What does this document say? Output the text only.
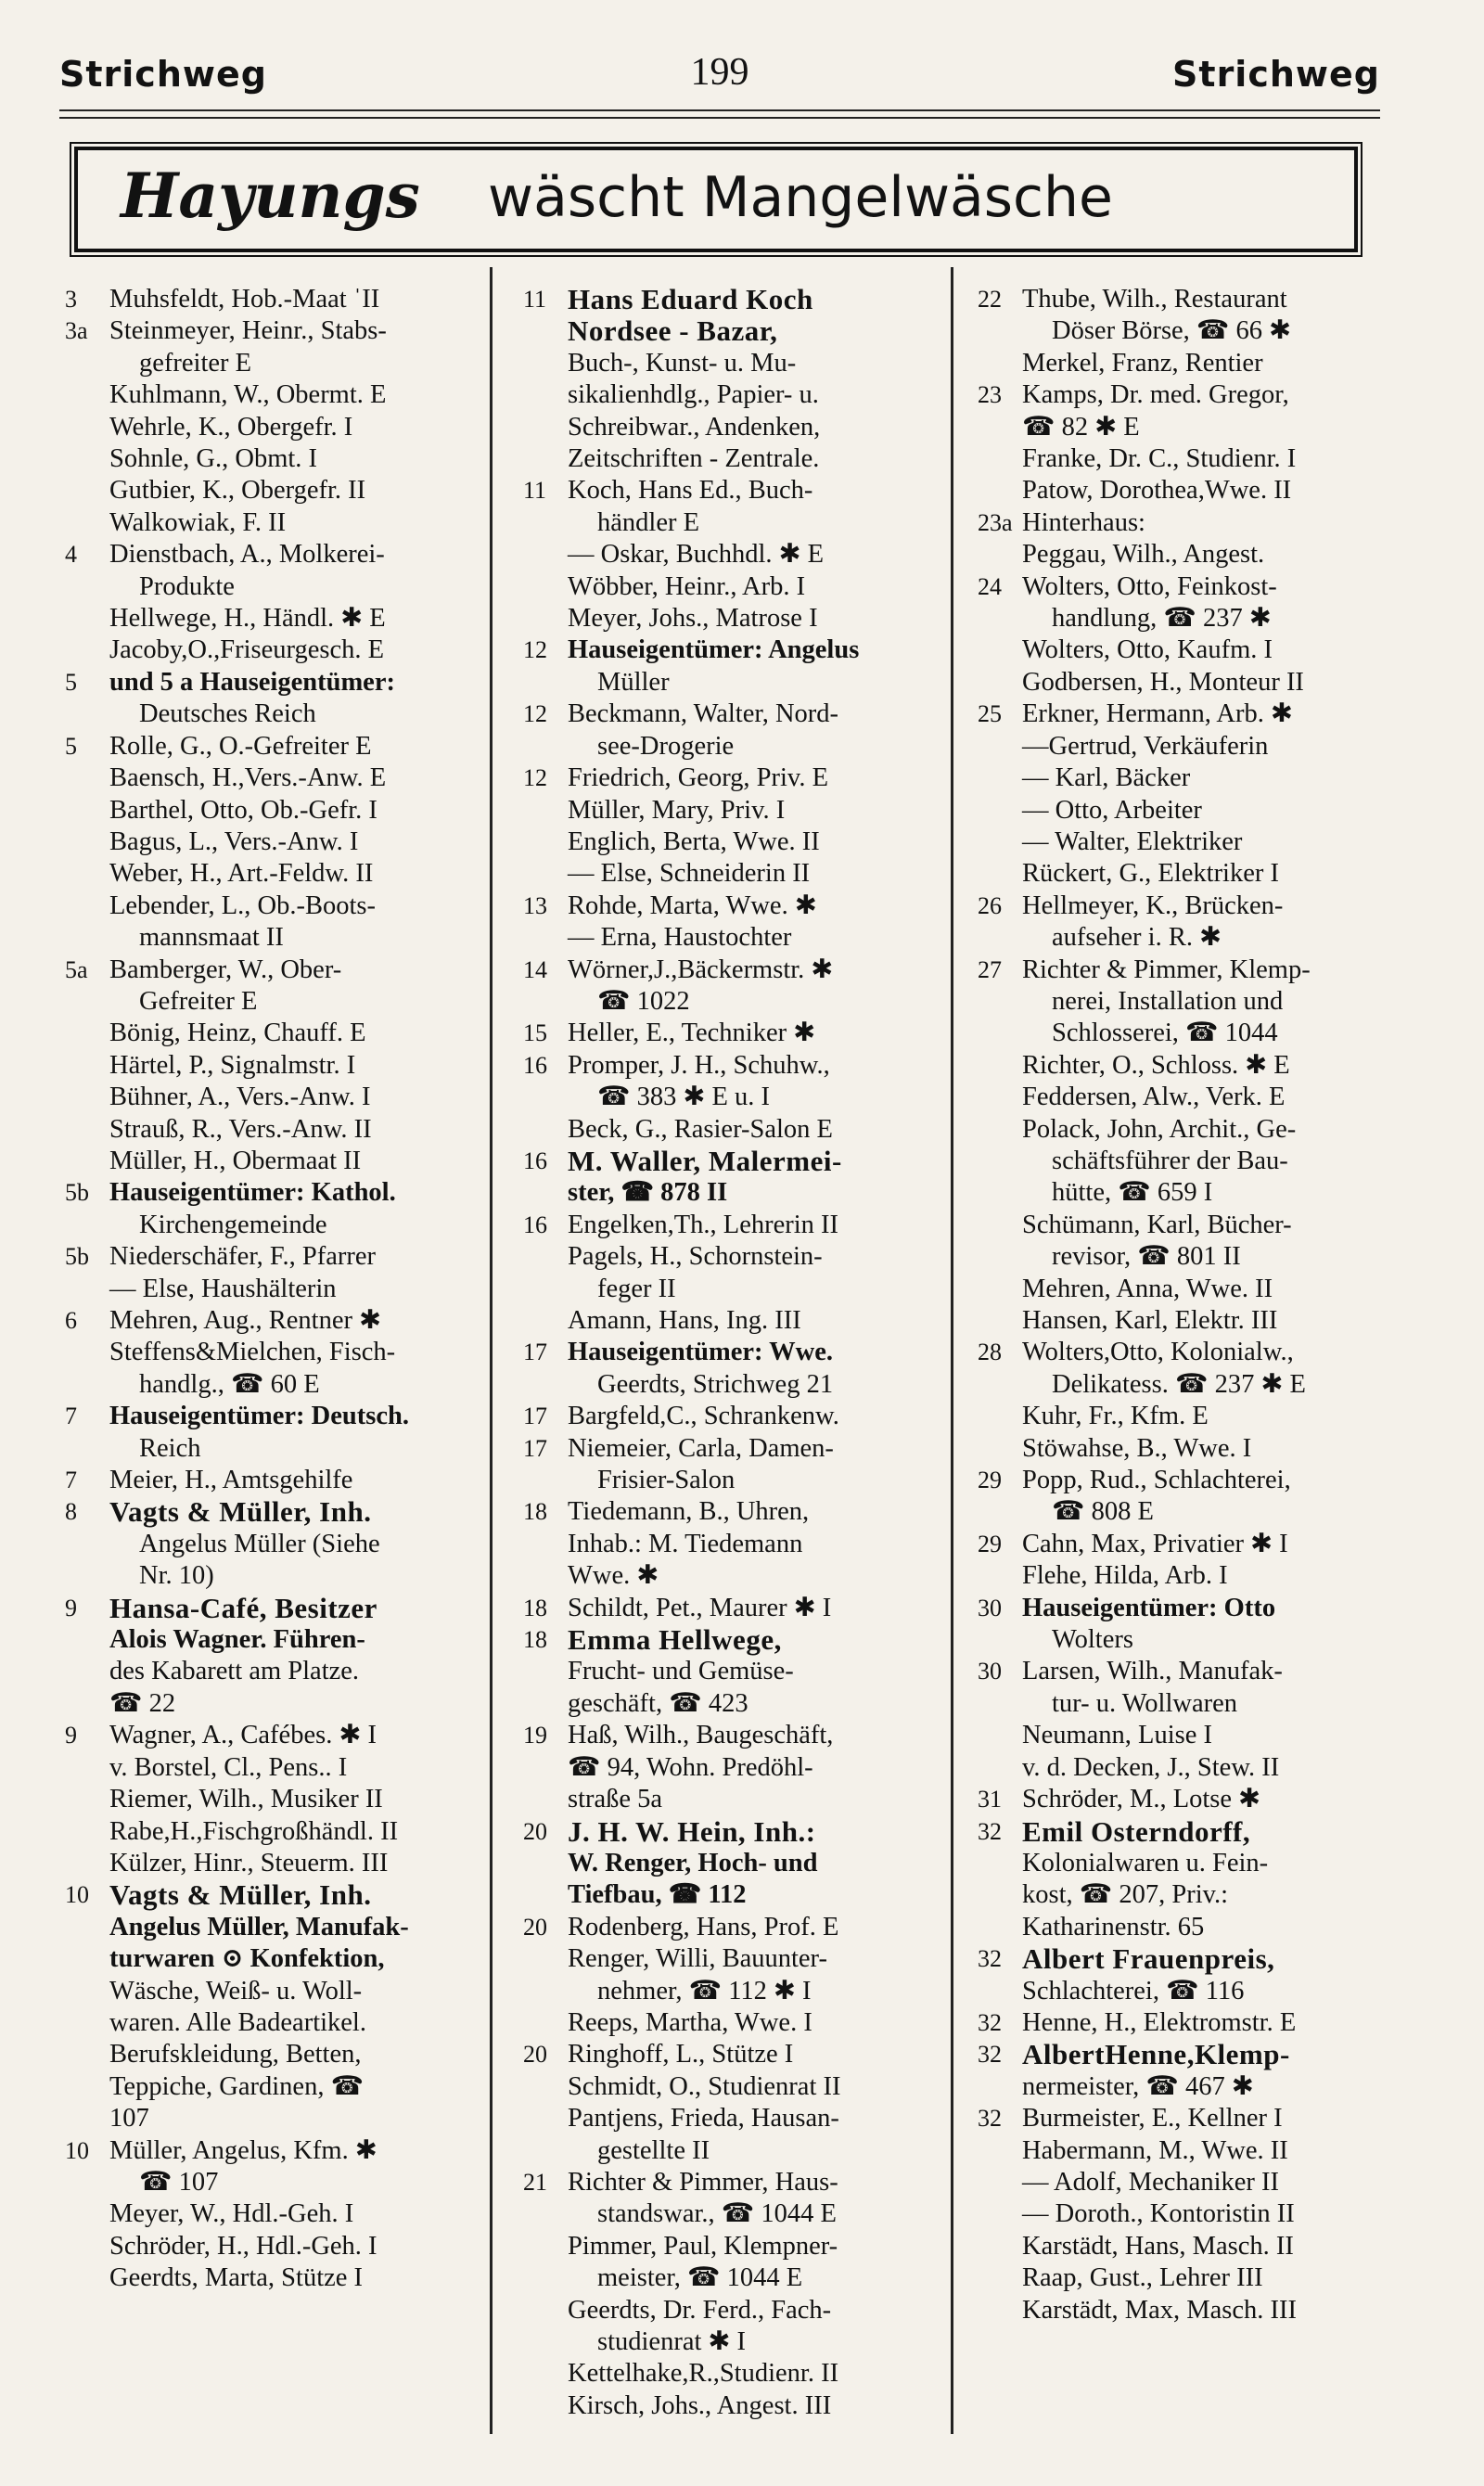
Strichweg	199	Strichweg
Hayungs wäscht Mangelwäsche
3 Muhsfeldt, Hob.-Maat ˈII
3a Steinmeyer, Heinr., Stabs-
gefreiter E
Kuhlmann, W., Obermt. E
Wehrle, K., Obergefr. I
Sohnle, G., Obmt. I
Gutbier, K., Obergefr. II
Walkowiak, F. II
4 Dienstbach, A., Molkerei-
Produkte
Hellwege, H., Händl. ✱ E
Jacoby,O.,Friseurgesch. E
5 und 5 a Hauseigentümer:
Deutsches Reich
5 Rolle, G., O.-Gefreiter E
Baensch, H.,Vers.-Anw. E
Barthel, Otto, Ob.-Gefr. I
Bagus, L., Vers.-Anw. I
Weber, H., Art.-Feldw. II
Lebender, L., Ob.-Boots-
mannsmaat II
5a Bamberger, W., Ober-
Gefreiter E
Bönig, Heinz, Chauff. E
Härtel, P., Signalmstr. I
Bühner, A., Vers.-Anw. I
Strauß, R., Vers.-Anw. II
Müller, H., Obermaat II
5b Hauseigentümer: Kathol.
Kirchengemeinde
5b Niederschäfer, F., Pfarrer
— Else, Haushälterin
6 Mehren, Aug., Rentner ✱
Steffens&Mielchen, Fisch-
handlg., ☎ 60 E
7 Hauseigentümer: Deutsch.
Reich
7 Meier, H., Amtsgehilfe
8 Vagts & Müller, Inh.
Angelus Müller (Siehe
Nr. 10)
9 Hansa-Café, Besitzer
Alois Wagner. Führen-
des Kabarett am Platze.
☎ 22
9 Wagner, A., Cafébes. ✱ I
v. Borstel, Cl., Pens.. I
Riemer, Wilh., Musiker II
Rabe,H.,Fischgroßhändl. II
Külzer, Hinr., Steuerm. III
10 Vagts & Müller, Inh.
Angelus Müller, Manufak-
turwaren ⊙ Konfektion,
Wäsche, Weiß- u. Woll-
waren. Alle Badeartikel.
Berufskleidung, Betten,
Teppiche, Gardinen, ☎
107
10 Müller, Angelus, Kfm. ✱
☎ 107
Meyer, W., Hdl.-Geh. I
Schröder, H., Hdl.-Geh. I
Geerdts, Marta, Stütze I
11 Hans Eduard Koch
Nordsee - Bazar,
Buch-, Kunst- u. Mu-
sikalienhdlg., Papier- u.
Schreibwar., Andenken,
Zeitschriften - Zentrale.
11 Koch, Hans Ed., Buch-
händler E
— Oskar, Buchhdl. ✱ E
Wöbber, Heinr., Arb. I
Meyer, Johs., Matrose I
12 Hauseigentümer: Angelus
Müller
12 Beckmann, Walter, Nord-
see-Drogerie
12 Friedrich, Georg, Priv. E
Müller, Mary, Priv. I
Englich, Berta, Wwe. II
— Else, Schneiderin II
13 Rohde, Marta, Wwe. ✱
— Erna, Haustochter
14 Wörner,J.,Bäckermstr. ✱
☎ 1022
15 Heller, E., Techniker ✱
16 Promper, J. H., Schuhw.,
☎ 383 ✱ E u. I
Beck, G., Rasier-Salon E
16 M. Waller, Malermei-
ster, ☎ 878 II
16 Engelken,Th., Lehrerin II
Pagels, H., Schornstein-
feger II
Amann, Hans, Ing. III
17 Hauseigentümer: Wwe.
Geerdts, Strichweg 21
17 Bargfeld,C., Schrankenw.
17 Niemeier, Carla, Damen-
Frisier-Salon
18 Tiedemann, B., Uhren,
Inhab.: M. Tiedemann
Wwe. ✱
18 Schildt, Pet., Maurer ✱ I
18 Emma Hellwege,
Frucht- und Gemüse-
geschäft, ☎ 423
19 Haß, Wilh., Baugeschäft,
☎ 94, Wohn. Predöhl-
straße 5a
20 J. H. W. Hein, Inh.:
W. Renger, Hoch- und
Tiefbau, ☎ 112
20 Rodenberg, Hans, Prof. E
Renger, Willi, Bauunter-
nehmer, ☎ 112 ✱ I
Reeps, Martha, Wwe. I
20 Ringhoff, L., Stütze I
Schmidt, O., Studienrat II
Pantjens, Frieda, Hausan-
gestellte II
21 Richter & Pimmer, Haus-
standswar., ☎ 1044 E
Pimmer, Paul, Klempner-
meister, ☎ 1044 E
Geerdts, Dr. Ferd., Fach-
studienrat ✱ I
Kettelhake,R.,Studienr. II
Kirsch, Johs., Angest. III
22 Thube, Wilh., Restaurant
Döser Börse, ☎ 66 ✱
Merkel, Franz, Rentier
23 Kamps, Dr. med. Gregor,
☎ 82 ✱ E
Franke, Dr. C., Studienr. I
Patow, Dorothea,Wwe. II
23a Hinterhaus:
Peggau, Wilh., Angest.
24 Wolters, Otto, Feinkost-
handlung, ☎ 237 ✱
Wolters, Otto, Kaufm. I
Godbersen, H., Monteur II
25 Erkner, Hermann, Arb. ✱
—Gertrud, Verkäuferin
— Karl, Bäcker
— Otto, Arbeiter
— Walter, Elektriker
Rückert, G., Elektriker I
26 Hellmeyer, K., Brücken-
aufseher i. R. ✱
27 Richter & Pimmer, Klemp-
nerei, Installation und
Schlosserei, ☎ 1044
Richter, O., Schloss. ✱ E
Feddersen, Alw., Verk. E
Polack, John, Archit., Ge-
schäftsführer der Bau-
hütte, ☎ 659 I
Schümann, Karl, Bücher-
revisor, ☎ 801 II
Mehren, Anna, Wwe. II
Hansen, Karl, Elektr. III
28 Wolters,Otto, Kolonialw.,
Delikatess. ☎ 237 ✱ E
Kuhr, Fr., Kfm. E
Stöwahse, B., Wwe. I
29 Popp, Rud., Schlachterei,
☎ 808 E
29 Cahn, Max, Privatier ✱ I
Flehe, Hilda, Arb. I
30 Hauseigentümer: Otto
Wolters
30 Larsen, Wilh., Manufak-
tur- u. Wollwaren
Neumann, Luise I
v. d. Decken, J., Stew. II
31 Schröder, M., Lotse ✱
32 Emil Osterndorff,
Kolonialwaren u. Fein-
kost, ☎ 207, Priv.:
Katharinenstr. 65
32 Albert Frauenpreis,
Schlachterei, ☎ 116
32 Henne, H., Elektromstr. E
32 AlbertHenne,Klemp-
nermeister, ☎ 467 ✱
32 Burmeister, E., Kellner I
Habermann, M., Wwe. II
— Adolf, Mechaniker II
— Doroth., Kontoristin II
Karstädt, Hans, Masch. II
Raap, Gust., Lehrer III
Karstädt, Max, Masch. III
